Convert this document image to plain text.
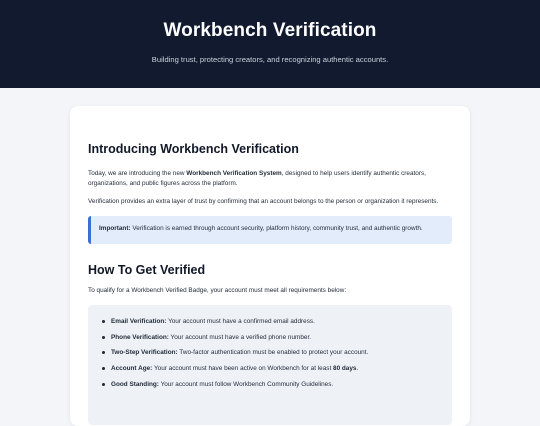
Workbench Verification

Building trust, protecting creators, and recognizing authentic accounts.

Introducing Workbench Verification

Today, we are introducing the new Workbench Verification System, designed to help users identify authentic creators, organizations, and public figures across the platform.

Verification provides an extra layer of trust by confirming that an account belongs to the person or organization it represents.

Important: Verification is earned through account security, platform history, community trust, and authentic growth.
How To Get Verified

To qualify for a Workbench Verified Badge, your account must meet all requirements below:

Email Verification: Your account must have a confirmed email address.
Phone Verification: Your account must have a verified phone number.
Two-Step Verification: Two-factor authentication must be enabled to protect your account.
Account Age: Your account must have been active on Workbench for at least 80 days.
Good Standing: Your account must follow Workbench Community Guidelines.
